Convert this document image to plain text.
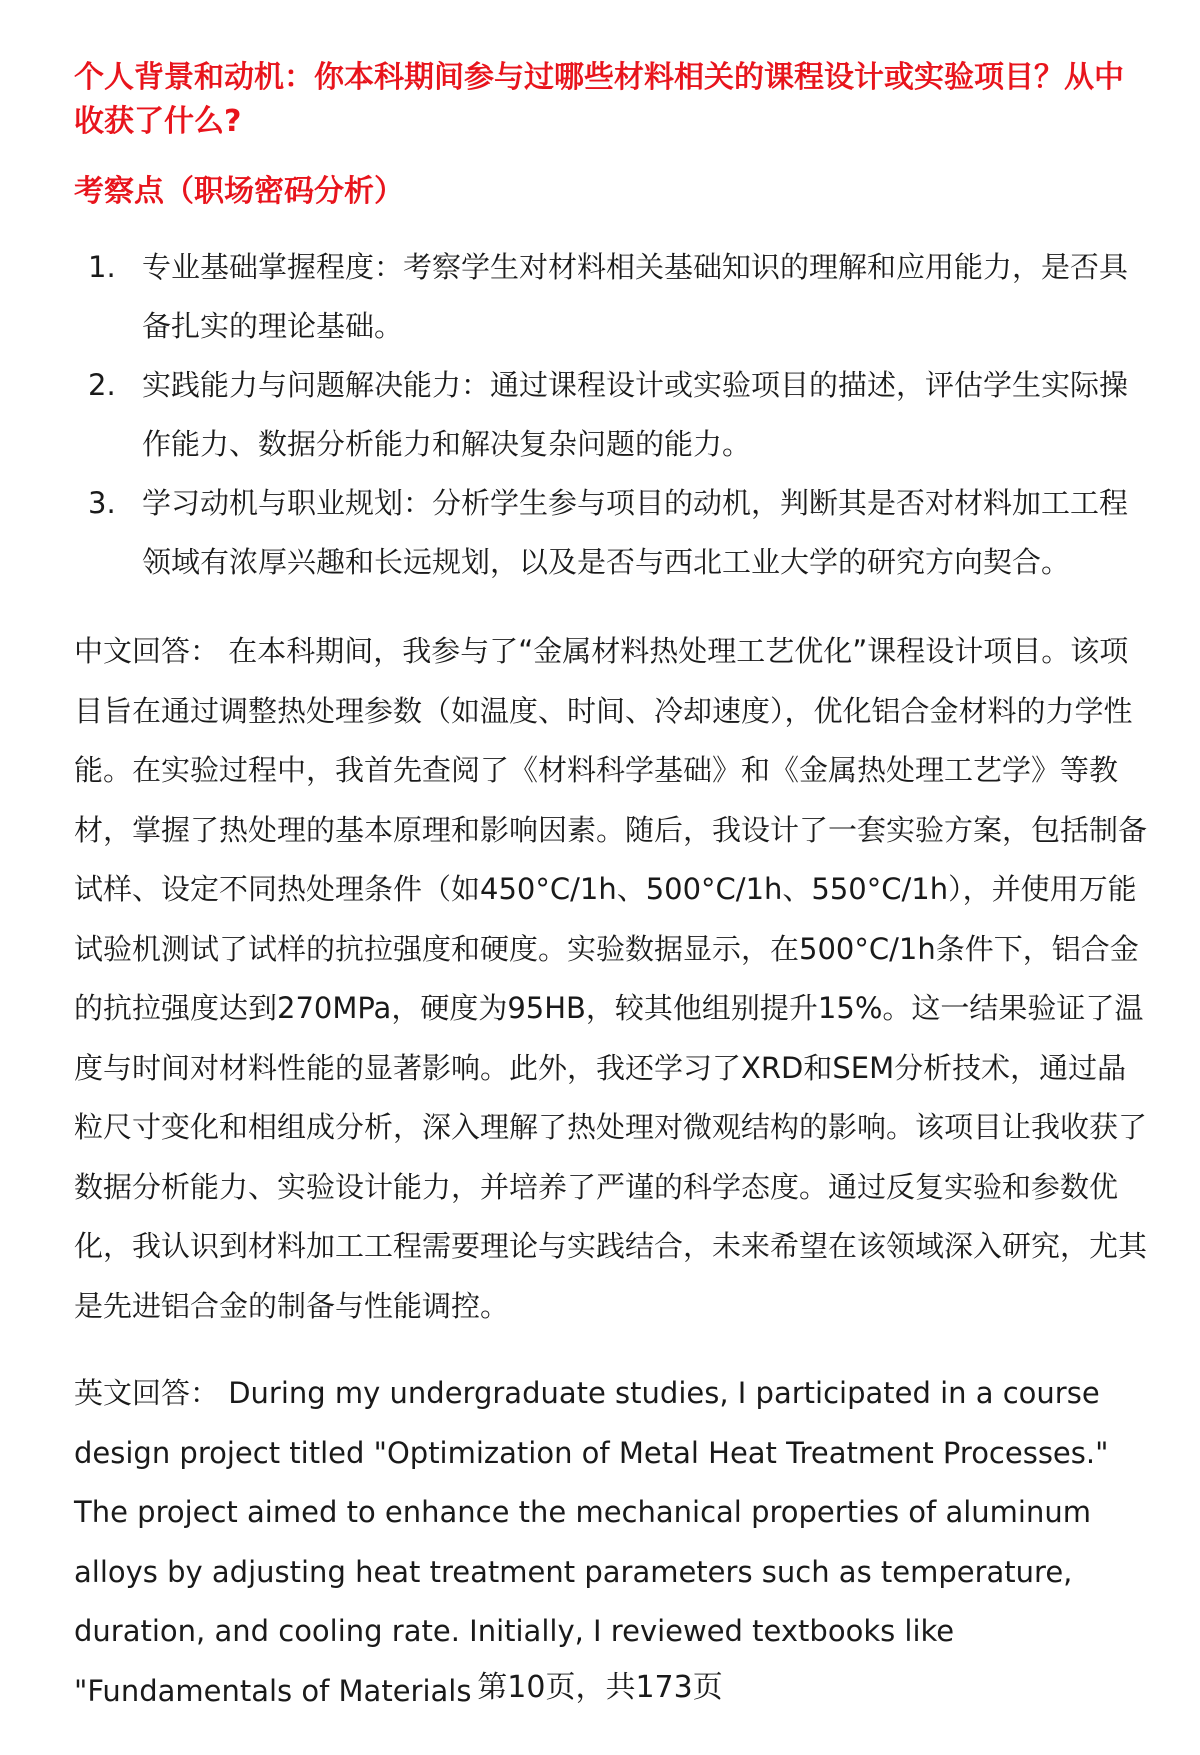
个人背景和动机：你本科期间参与过哪些材料相关的课程设计或实验项目？从中收获了什么?

考察点（职场密码分析）

1. 专业基础掌握程度：考察学生对材料相关基础知识的理解和应用能力，是否具备扎实的理论基础。
2. 实践能力与问题解决能力：通过课程设计或实验项目的描述，评估学生实际操作能力、数据分析能力和解决复杂问题的能力。
3. 学习动机与职业规划：分析学生参与项目的动机，判断其是否对材料加工工程领域有浓厚兴趣和长远规划，以及是否与西北工业大学的研究方向契合。

中文回答： 在本科期间，我参与了“金属材料热处理工艺优化”课程设计项目。该项目旨在通过调整热处理参数（如温度、时间、冷却速度），优化铝合金材料的力学性能。在实验过程中，我首先查阅了《材料科学基础》和《金属热处理工艺学》等教材，掌握了热处理的基本原理和影响因素。随后，我设计了一套实验方案，包括制备试样、设定不同热处理条件（如450°C/1h、500°C/1h、550°C/1h），并使用万能试验机测试了试样的抗拉强度和硬度。实验数据显示，在500°C/1h条件下，铝合金的抗拉强度达到270MPa，硬度为95HB，较其他组别提升15%。这一结果验证了温度与时间对材料性能的显著影响。此外，我还学习了XRD和SEM分析技术，通过晶粒尺寸变化和相组成分析，深入理解了热处理对微观结构的影响。该项目让我收获了数据分析能力、实验设计能力，并培养了严谨的科学态度。通过反复实验和参数优化，我认识到材料加工工程需要理论与实践结合，未来希望在该领域深入研究，尤其是先进铝合金的制备与性能调控。

英文回答： During my undergraduate studies, I participated in a course design project titled "Optimization of Metal Heat Treatment Processes." The project aimed to enhance the mechanical properties of aluminum alloys by adjusting heat treatment parameters such as temperature, duration, and cooling rate. Initially, I reviewed textbooks like "Fundamentals of Materials 第10页，共173页
